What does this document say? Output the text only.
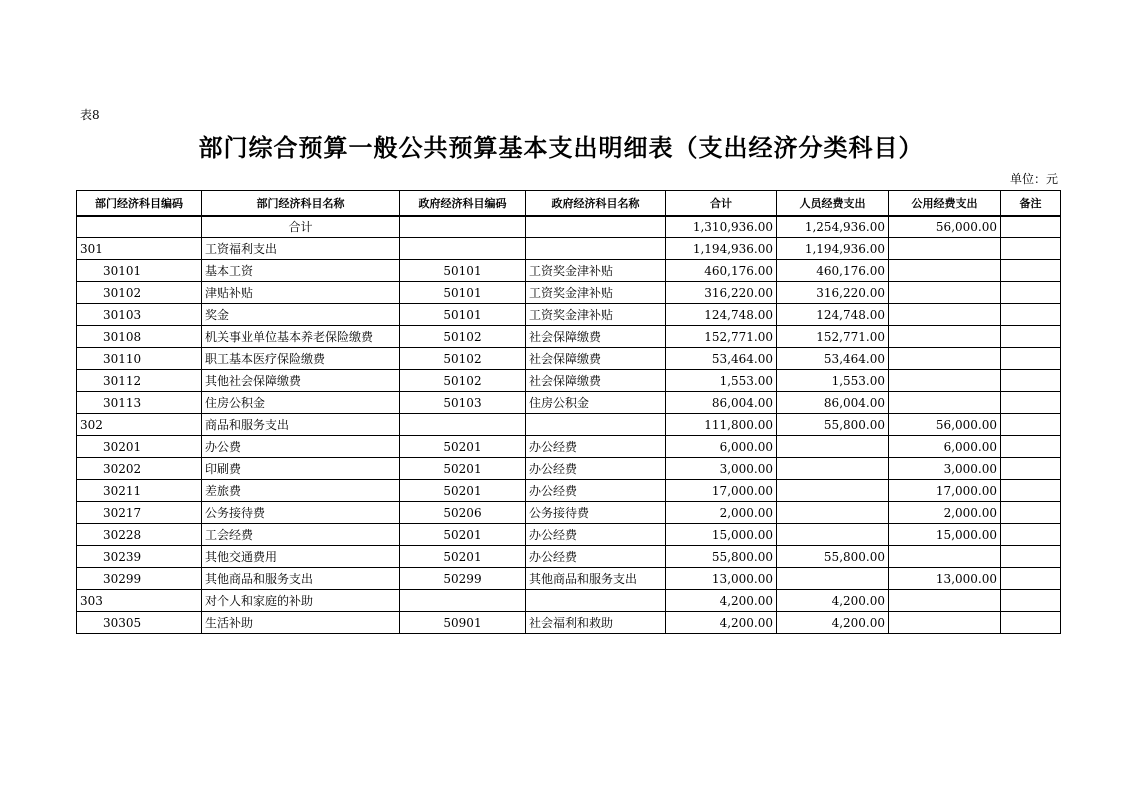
表8
部门综合预算一般公共预算基本支出明细表（支出经济分类科目）
单位：元
部门经济科目编码	部门经济科目名称	政府经济科目编码	政府经济科目名称	合计	人员经费支出	公用经费支出	备注
	合计			1,310,936.00	1,254,936.00	56,000.00	
301	工资福利支出			1,194,936.00	1,194,936.00		
30101	基本工资	50101	工资奖金津补贴	460,176.00	460,176.00		
30102	津贴补贴	50101	工资奖金津补贴	316,220.00	316,220.00		
30103	奖金	50101	工资奖金津补贴	124,748.00	124,748.00		
30108	机关事业单位基本养老保险缴费	50102	社会保障缴费	152,771.00	152,771.00		
30110	职工基本医疗保险缴费	50102	社会保障缴费	53,464.00	53,464.00		
30112	其他社会保障缴费	50102	社会保障缴费	1,553.00	1,553.00		
30113	住房公积金	50103	住房公积金	86,004.00	86,004.00		
302	商品和服务支出			111,800.00	55,800.00	56,000.00	
30201	办公费	50201	办公经费	6,000.00		6,000.00	
30202	印刷费	50201	办公经费	3,000.00		3,000.00	
30211	差旅费	50201	办公经费	17,000.00		17,000.00	
30217	公务接待费	50206	公务接待费	2,000.00		2,000.00	
30228	工会经费	50201	办公经费	15,000.00		15,000.00	
30239	其他交通费用	50201	办公经费	55,800.00	55,800.00		
30299	其他商品和服务支出	50299	其他商品和服务支出	13,000.00		13,000.00	
303	对个人和家庭的补助			4,200.00	4,200.00		
30305	生活补助	50901	社会福利和救助	4,200.00	4,200.00		
